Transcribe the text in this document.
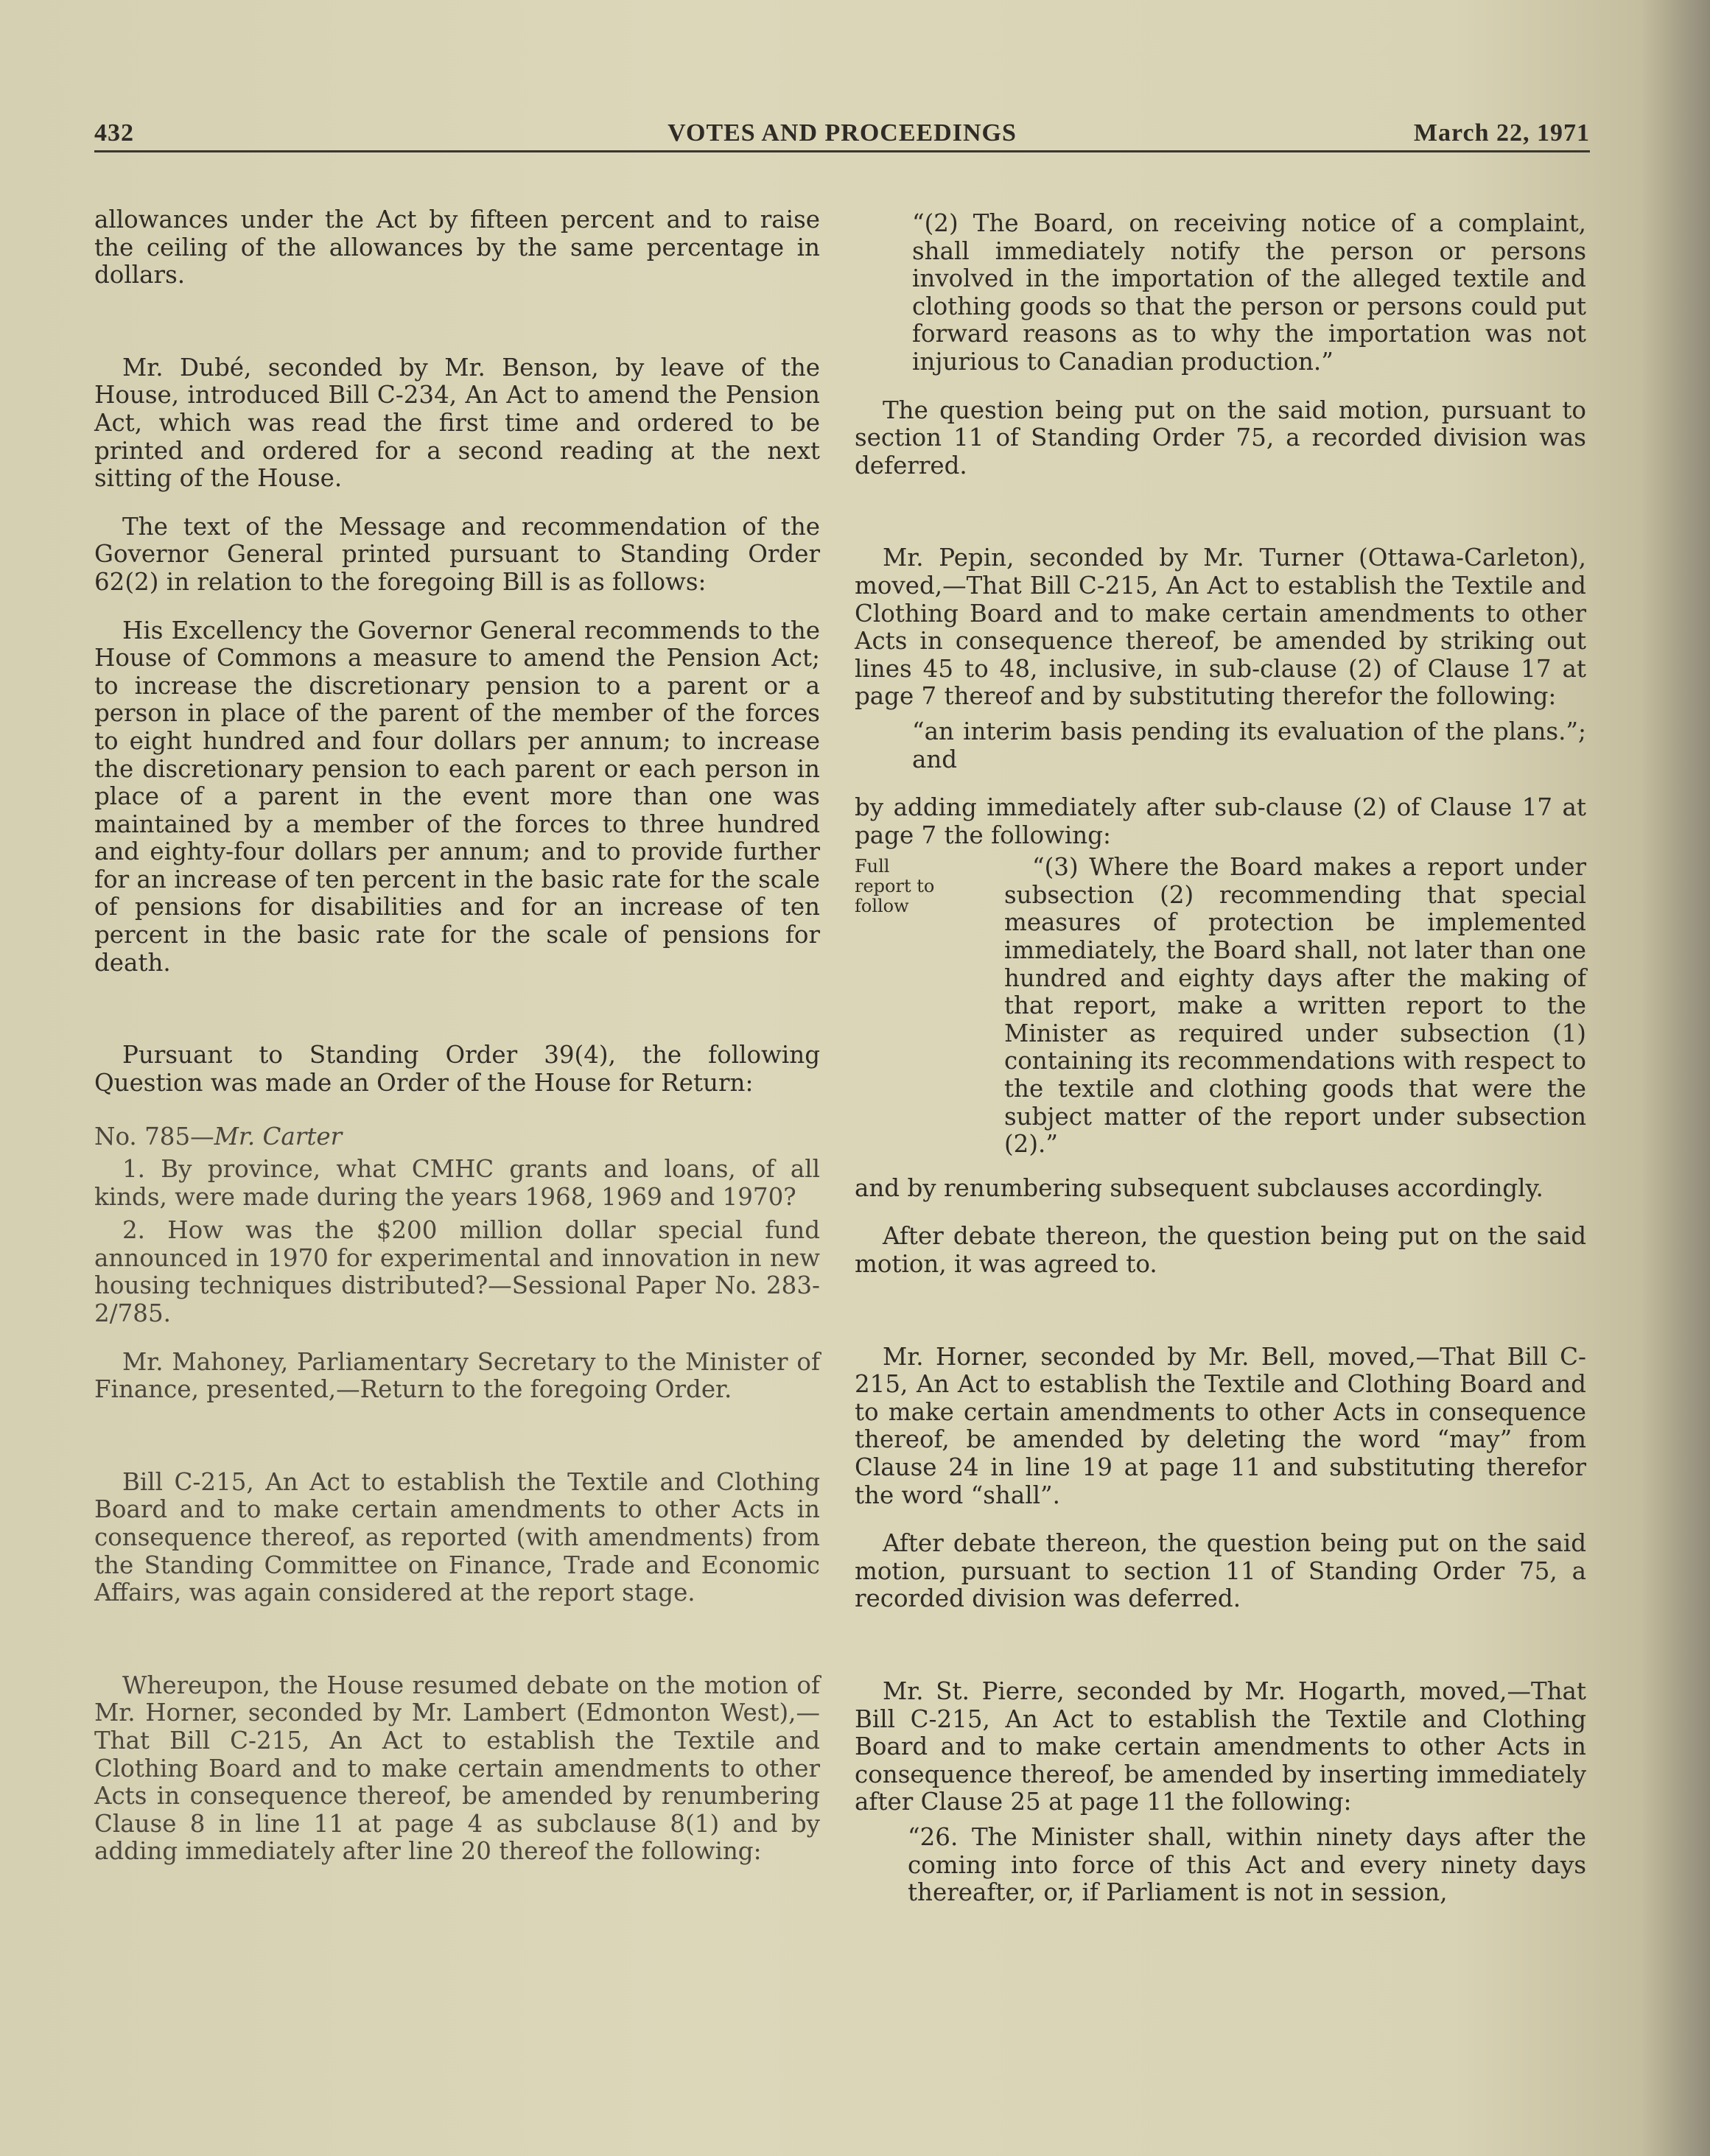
432	VOTES AND PROCEEDINGS	March 22, 1971

allowances under the Act by fifteen percent and to raise the ceiling of the allowances by the same percentage in dollars.

Mr. Dubé, seconded by Mr. Benson, by leave of the House, introduced Bill C-234, An Act to amend the Pension Act, which was read the first time and ordered to be printed and ordered for a second reading at the next sitting of the House.

The text of the Message and recommendation of the Governor General printed pursuant to Standing Order 62(2) in relation to the foregoing Bill is as follows:

His Excellency the Governor General recommends to the House of Commons a measure to amend the Pension Act; to increase the discretionary pension to a parent or a person in place of the parent of the member of the forces to eight hundred and four dollars per annum; to increase the discretionary pension to each parent or each person in place of a parent in the event more than one was maintained by a member of the forces to three hundred and eighty-four dollars per annum; and to provide further for an increase of ten percent in the basic rate for the scale of pensions for disabilities and for an increase of ten percent in the basic rate for the scale of pensions for death.

Pursuant to Standing Order 39(4), the following Question was made an Order of the House for Return:

No. 785—Mr. Carter

1. By province, what CMHC grants and loans, of all kinds, were made during the years 1968, 1969 and 1970?

2. How was the $200 million dollar special fund announced in 1970 for experimental and innovation in new housing techniques distributed?—Sessional Paper No. 283-2/785.

Mr. Mahoney, Parliamentary Secretary to the Minister of Finance, presented,—Return to the foregoing Order.

Bill C-215, An Act to establish the Textile and Clothing Board and to make certain amendments to other Acts in consequence thereof, as reported (with amendments) from the Standing Committee on Finance, Trade and Economic Affairs, was again considered at the report stage.

Whereupon, the House resumed debate on the motion of Mr. Horner, seconded by Mr. Lambert (Edmonton West),—That Bill C-215, An Act to establish the Textile and Clothing Board and to make certain amendments to other Acts in consequence thereof, be amended by renumbering Clause 8 in line 11 at page 4 as subclause 8(1) and by adding immediately after line 20 thereof the following:

“(2) The Board, on receiving notice of a complaint, shall immediately notify the person or persons involved in the importation of the alleged textile and clothing goods so that the person or persons could put forward reasons as to why the importation was not injurious to Canadian production.”

The question being put on the said motion, pursuant to section 11 of Standing Order 75, a recorded division was deferred.

Mr. Pepin, seconded by Mr. Turner (Ottawa-Carleton), moved,—That Bill C-215, An Act to establish the Textile and Clothing Board and to make certain amendments to other Acts in consequence thereof, be amended by striking out lines 45 to 48, inclusive, in sub-clause (2) of Clause 17 at page 7 thereof and by substituting therefor the following:

“an interim basis pending its evaluation of the plans.”; and

by adding immediately after sub-clause (2) of Clause 17 at page 7 the following:

Full report to follow

“(3) Where the Board makes a report under subsection (2) recommending that special measures of protection be implemented immediately, the Board shall, not later than one hundred and eighty days after the making of that report, make a written report to the Minister as required under subsection (1) containing its recommendations with respect to the textile and clothing goods that were the subject matter of the report under subsection (2).”

and by renumbering subsequent subclauses accordingly.

After debate thereon, the question being put on the said motion, it was agreed to.

Mr. Horner, seconded by Mr. Bell, moved,—That Bill C-215, An Act to establish the Textile and Clothing Board and to make certain amendments to other Acts in consequence thereof, be amended by deleting the word “may” from Clause 24 in line 19 at page 11 and substituting therefor the word “shall”.

After debate thereon, the question being put on the said motion, pursuant to section 11 of Standing Order 75, a recorded division was deferred.

Mr. St. Pierre, seconded by Mr. Hogarth, moved,—That Bill C-215, An Act to establish the Textile and Clothing Board and to make certain amendments to other Acts in consequence thereof, be amended by inserting immediately after Clause 25 at page 11 the following:

“26. The Minister shall, within ninety days after the coming into force of this Act and every ninety days thereafter, or, if Parliament is not in session,
